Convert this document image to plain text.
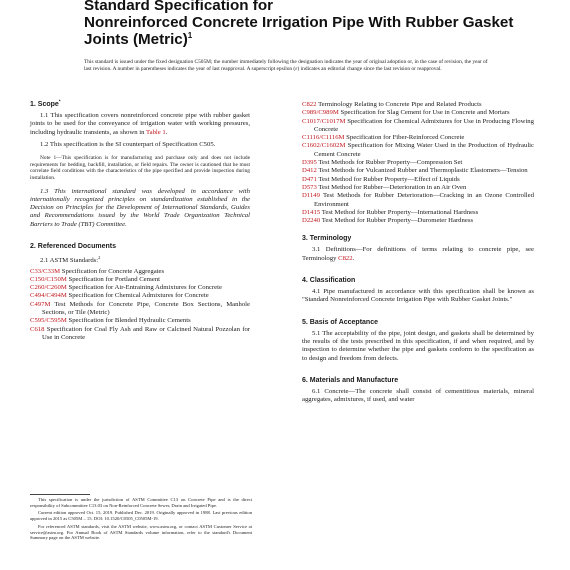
Standard Specification for
Nonreinforced Concrete Irrigation Pipe With Rubber Gasket
Joints (Metric)$^1$

This standard is issued under the fixed designation C505M; the number immediately following the designation indicates the year of original adoption or, in the case of revision, the year of last revision. A number in parentheses indicates the year of last reapproval. A superscript epsilon (ε) indicates an editorial change since the last revision or reapproval.

1. Scope*

1.1 This specification covers nonreinforced concrete pipe with rubber gasket joints to be used for the conveyance of irrigation water with working pressures, including hydraulic transients, as shown in Table 1.

1.2 This specification is the SI counterpart of Specification C505.

Note 1—This specification is for manufacturing and purchase only and does not include requirements for bedding, backfill, installation, or field repairs. The owner is cautioned that he must correlate field conditions with the characteristics of the pipe specified and provide inspection during installation.

1.3 This international standard was developed in accordance with internationally recognized principles on standardization established in the Decision on Principles for the Development of International Standards, Guides and Recommendations issued by the World Trade Organization Technical Barriers to Trade (TBT) Committee.

2. Referenced Documents
2.1 ASTM Standards:$^2$
C33/C33M Specification for Concrete Aggregates
C150/C150M Specification for Portland Cement
C260/C260M Specification for Air-Entraining Admixtures for Concrete
C494/C494M Specification for Chemical Admixtures for Concrete
C497M Test Methods for Concrete Pipe, Concrete Box Sections, Manhole Sections, or Tile (Metric)
C595/C595M Specification for Blended Hydraulic Cements
C618 Specification for Coal Fly Ash and Raw or Calcined Natural Pozzolan for Use in Concrete
C822 Terminology Relating to Concrete Pipe and Related Products
C989/C989M Specification for Slag Cement for Use in Concrete and Mortars
C1017/C1017M Specification for Chemical Admixtures for Use in Producing Flowing Concrete
C1116/C1116M Specification for Fiber-Reinforced Concrete
C1602/C1602M Specification for Mixing Water Used in the Production of Hydraulic Cement Concrete
D395 Test Methods for Rubber Property—Compression Set
D412 Test Methods for Vulcanized Rubber and Thermoplastic Elastomers—Tension
D471 Test Method for Rubber Property—Effect of Liquids
D573 Test Method for Rubber—Deterioration in an Air Oven
D1149 Test Methods for Rubber Deterioration—Cracking in an Ozone Controlled Environment
D1415 Test Method for Rubber Property—International Hardness
D2240 Test Method for Rubber Property—Durometer Hardness
3. Terminology

3.1 Definitions—For definitions of terms relating to concrete pipe, see Terminology C822.

4. Classification

4.1 Pipe manufactured in accordance with this specification shall be known as "Standard Nonreinforced Concrete Irrigation Pipe with Rubber Gasket Joints."

5. Basis of Acceptance

5.1 The acceptability of the pipe, joint design, and gaskets shall be determined by the results of the tests prescribed in this specification, if and when required, and by inspection to determine whether the pipe and gaskets conform to the specification as to design and freedom from defects.

6. Materials and Manufacture

6.1 Concrete—The concrete shall consist of cementitious materials, mineral aggregates, admixtures, if used, and water

This specification is under the jurisdiction of ASTM Committee C13 on Concrete Pipe and is the direct responsibility of Subcommittee C13.03 on Non-Reinforced Concrete Sewer, Drain and Irrigated Pipe.

Current edition approved Oct. 15, 2019. Published Dec. 2019. Originally approved in 1988. Last previous edition approved in 2015 as C505M – 15. DOI: 10.1520/C0505_C0505M-19.

For referenced ASTM standards, visit the ASTM website, www.astm.org, or contact ASTM Customer Service at service@astm.org. For Annual Book of ASTM Standards volume information, refer to the standard's Document Summary page on the ASTM website.
